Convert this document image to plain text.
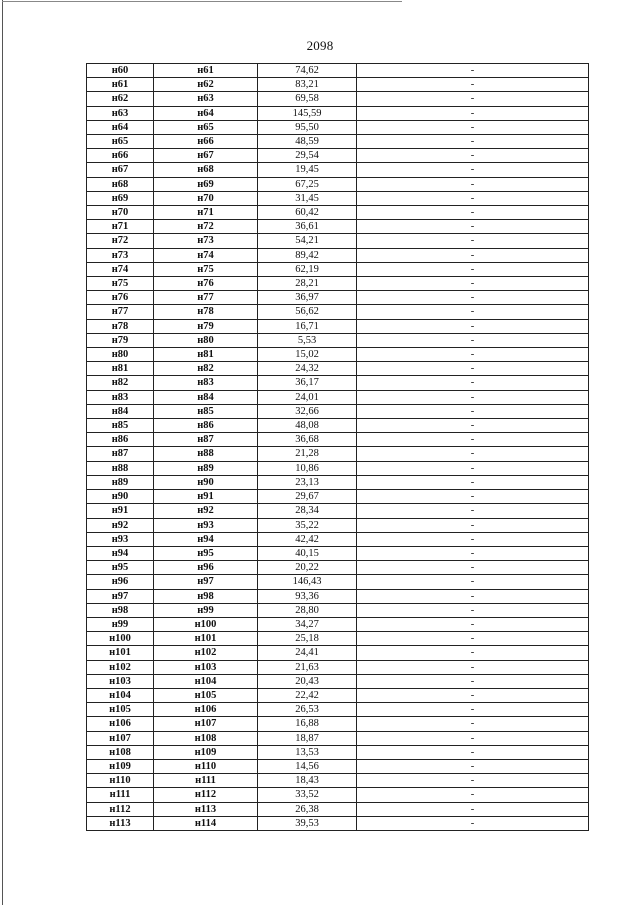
2098
н60	н61	74,62	-
н61	н62	83,21	-
н62	н63	69,58	-
н63	н64	145,59	-
н64	н65	95,50	-
н65	н66	48,59	-
н66	н67	29,54	-
н67	н68	19,45	-
н68	н69	67,25	-
н69	н70	31,45	-
н70	н71	60,42	-
н71	н72	36,61	-
н72	н73	54,21	-
н73	н74	89,42	-
н74	н75	62,19	-
н75	н76	28,21	-
н76	н77	36,97	-
н77	н78	56,62	-
н78	н79	16,71	-
н79	н80	5,53	-
н80	н81	15,02	-
н81	н82	24,32	-
н82	н83	36,17	-
н83	н84	24,01	-
н84	н85	32,66	-
н85	н86	48,08	-
н86	н87	36,68	-
н87	н88	21,28	-
н88	н89	10,86	-
н89	н90	23,13	-
н90	н91	29,67	-
н91	н92	28,34	-
н92	н93	35,22	-
н93	н94	42,42	-
н94	н95	40,15	-
н95	н96	20,22	-
н96	н97	146,43	-
н97	н98	93,36	-
н98	н99	28,80	-
н99	н100	34,27	-
н100	н101	25,18	-
н101	н102	24,41	-
н102	н103	21,63	-
н103	н104	20,43	-
н104	н105	22,42	-
н105	н106	26,53	-
н106	н107	16,88	-
н107	н108	18,87	-
н108	н109	13,53	-
н109	н110	14,56	-
н110	н111	18,43	-
н111	н112	33,52	-
н112	н113	26,38	-
н113	н114	39,53	-
